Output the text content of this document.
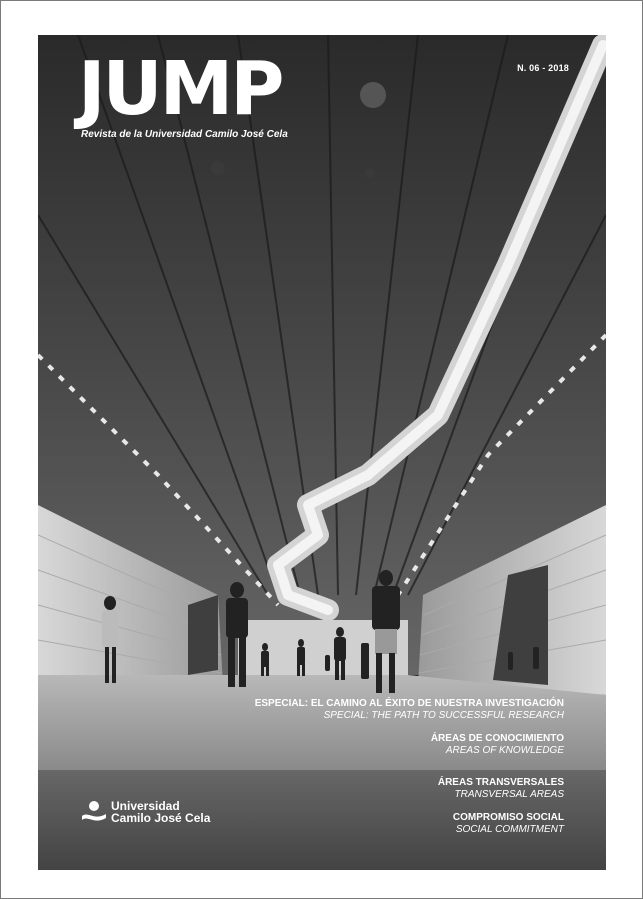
JUMP

Revista de la Universidad Camilo José Cela

N. 06 - 2018
ESPECIAL: EL CAMINO AL ÉXITO DE NUESTRA INVESTIGACIÓN
SPECIAL: THE PATH TO SUCCESSFUL RESEARCH
ÁREAS DE CONOCIMIENTO
AREAS OF KNOWLEDGE
ÁREAS TRANSVERSALES
TRANSVERSAL AREAS
COMPROMISO SOCIAL
SOCIAL COMMITMENT
Universidad
Camilo José Cela
